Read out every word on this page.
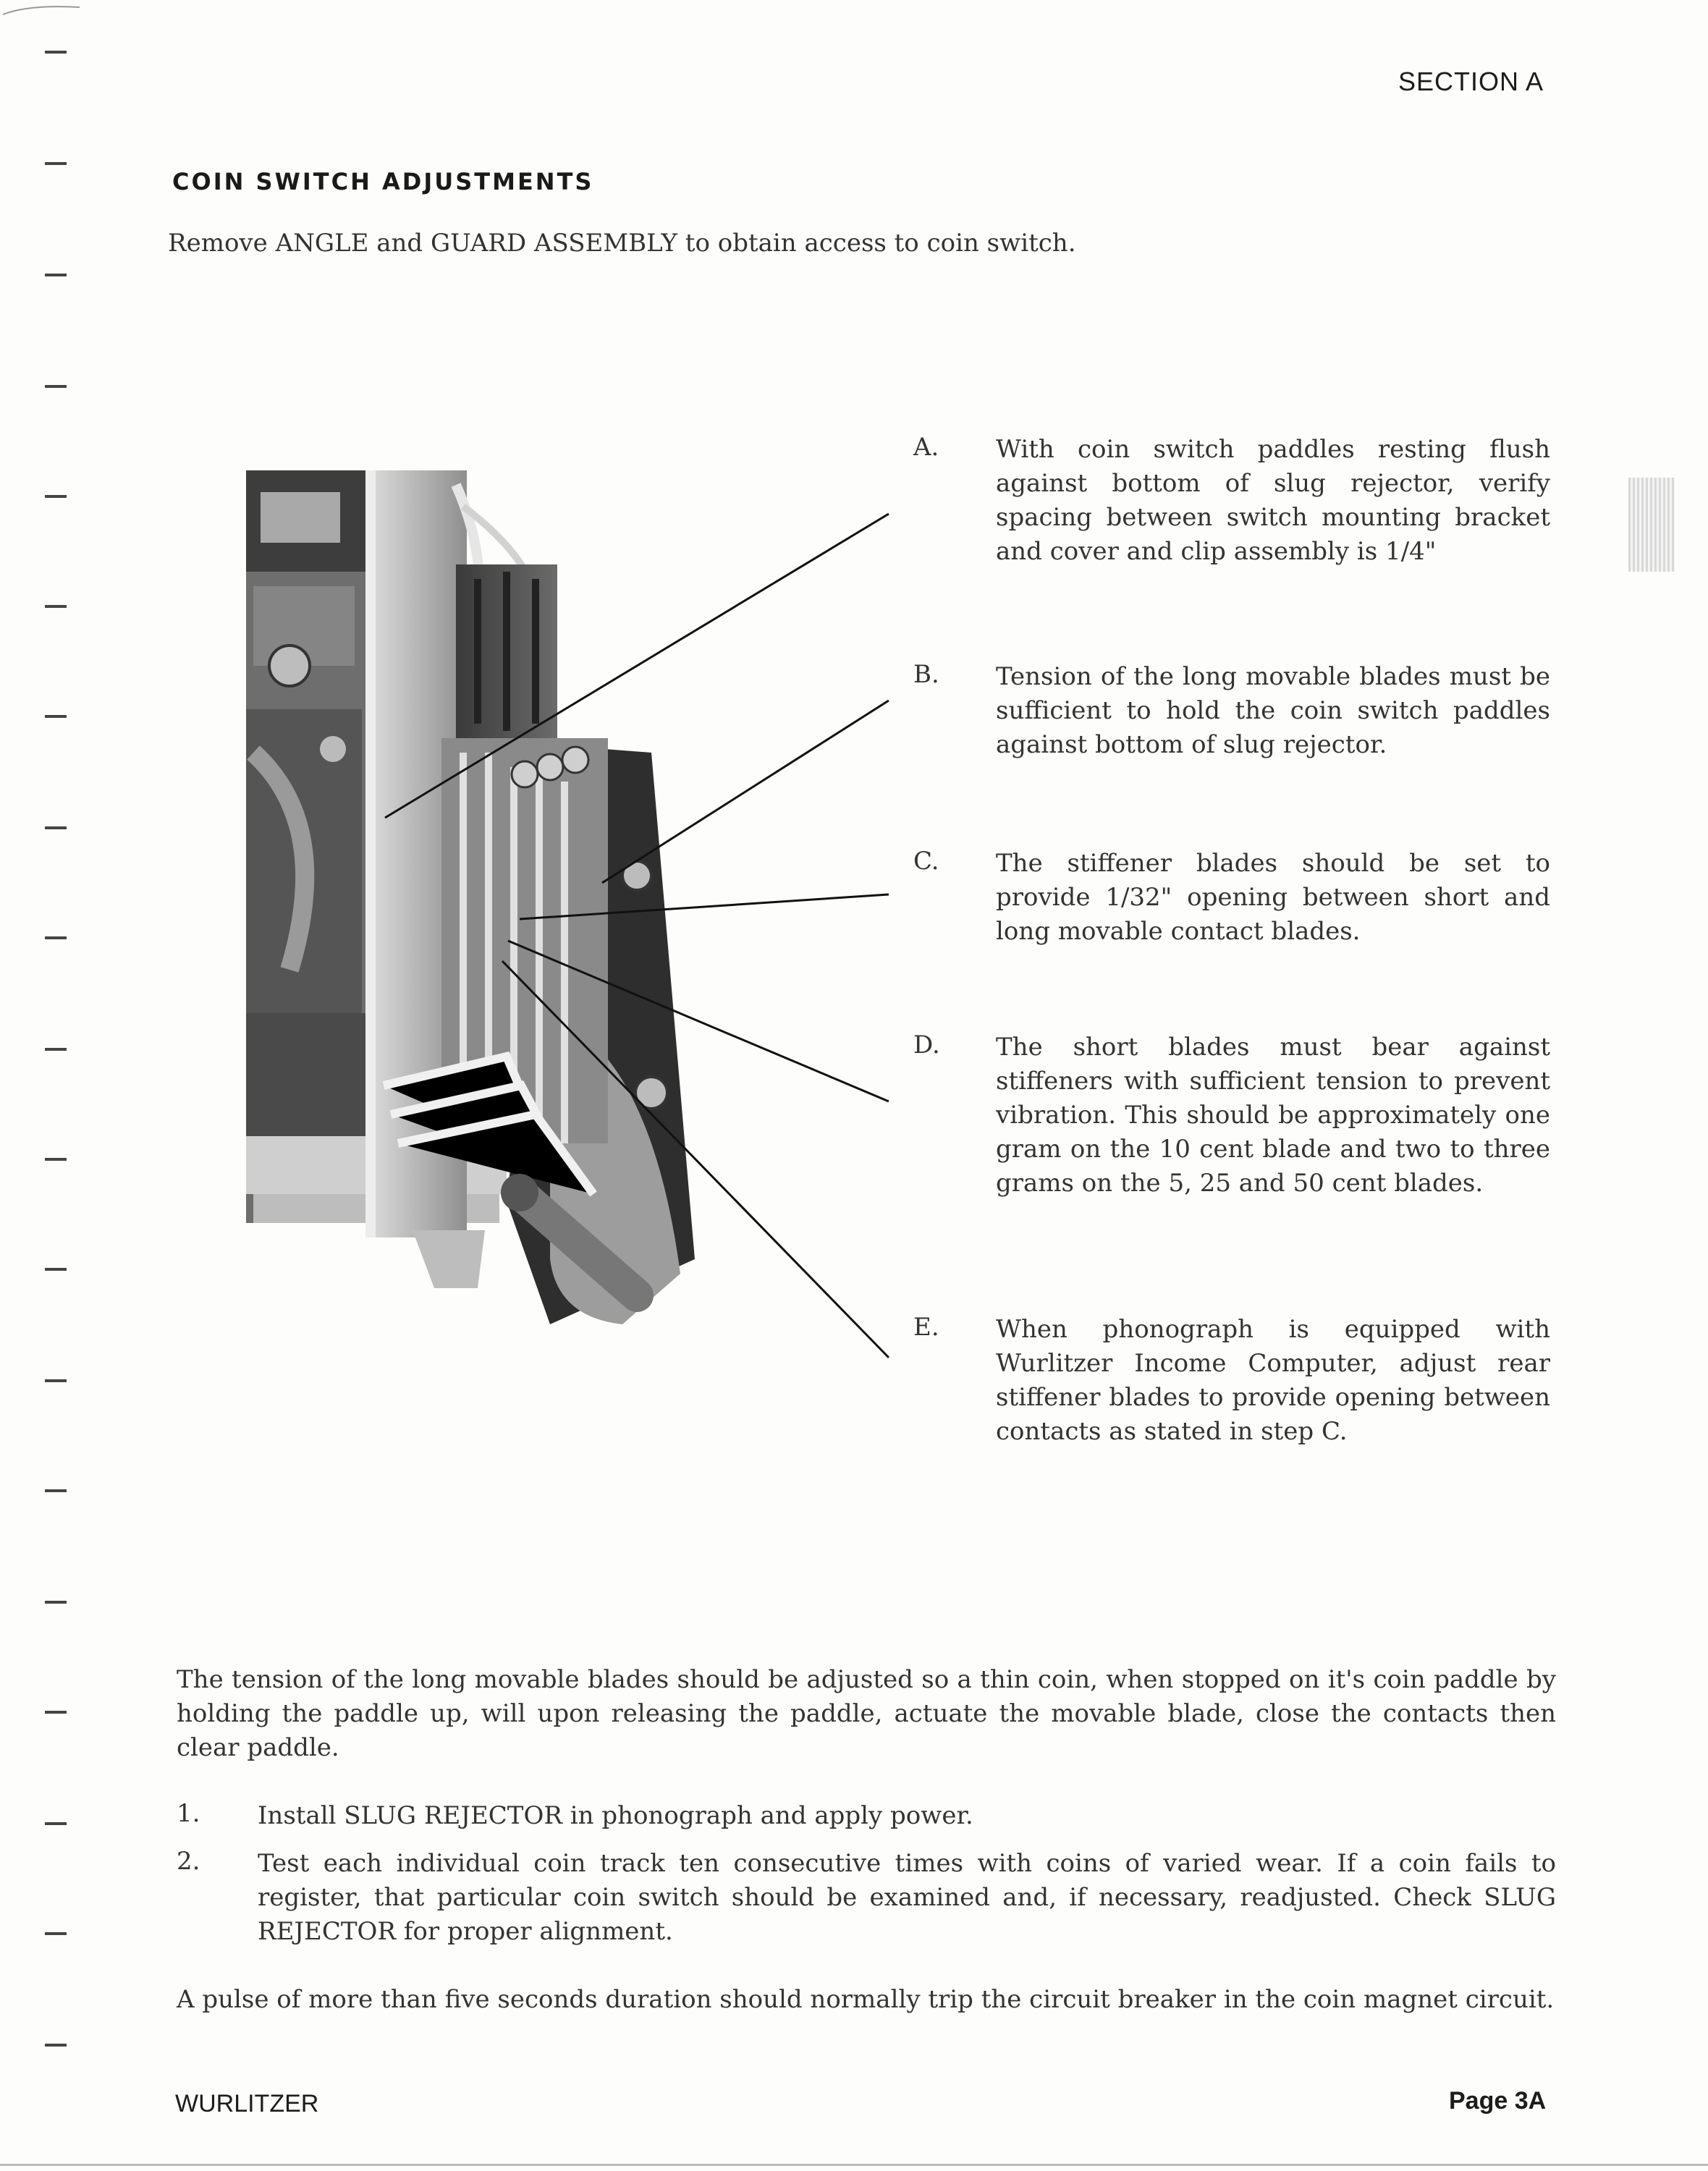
SECTION A
COIN SWITCH ADJUSTMENTS
Remove ANGLE and GUARD ASSEMBLY to obtain access to coin switch.
A. With coin switch paddles resting flush against bottom of slug rejector, verify spacing between switch mounting bracket and cover and clip assembly is 1/4"
B. Tension of the long movable blades must be sufficient to hold the coin switch paddles against bottom of slug rejector.
C. The stiffener blades should be set to provide 1/32" opening between short and long movable contact blades.
D. The short blades must bear against stiffeners with sufficient tension to prevent vibration. This should be approximately one gram on the 10 cent blade and two to three grams on the 5, 25 and 50 cent blades.
E. When phonograph is equipped with Wurlitzer Income Computer, adjust rear stiffener blades to provide opening between contacts as stated in step C.
The tension of the long movable blades should be adjusted so a thin coin, when stopped on it's coin paddle by holding the paddle up, will upon releasing the paddle, actuate the movable blade, close the contacts then clear paddle.
1. Install SLUG REJECTOR in phonograph and apply power.
2. Test each individual coin track ten consecutive times with coins of varied wear. If a coin fails to register, that particular coin switch should be examined and, if necessary, readjusted. Check SLUG REJECTOR for proper alignment.
A pulse of more than five seconds duration should normally trip the circuit breaker in the coin magnet circuit.
WURLITZER	Page 3A
